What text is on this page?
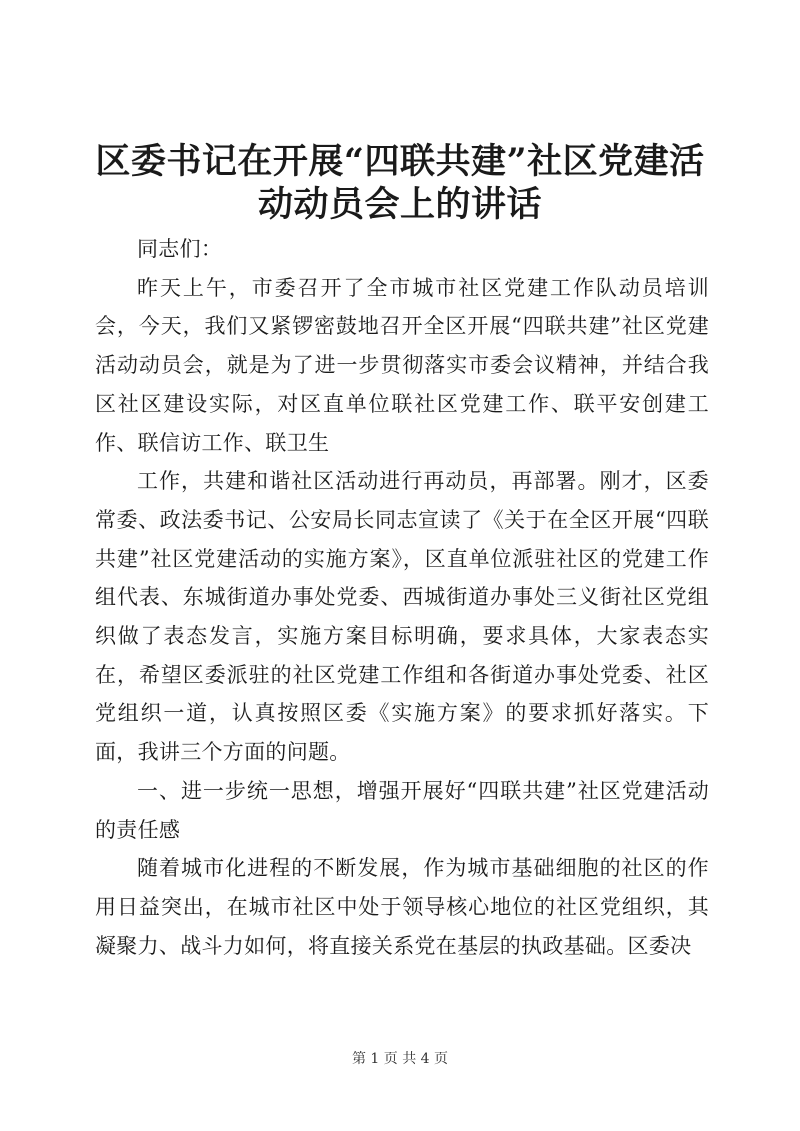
区委书记在开展“四联共建”社区党建活动动员会上的讲话

同志们：

昨天上午，市委召开了全市城市社区党建工作队动员培训会，今天，我们又紧锣密鼓地召开全区开展“四联共建”社区党建活动动员会，就是为了进一步贯彻落实市委会议精神，并结合我区社区建设实际，对区直单位联社区党建工作、联平安创建工作、联信访工作、联卫生

工作，共建和谐社区活动进行再动员，再部署。刚才，区委常委、政法委书记、公安局长同志宣读了《关于在全区开展“四联共建”社区党建活动的实施方案》，区直单位派驻社区的党建工作组代表、东城街道办事处党委、西城街道办事处三义街社区党组织做了表态发言，实施方案目标明确，要求具体，大家表态实在，希望区委派驻的社区党建工作组和各街道办事处党委、社区党组织一道，认真按照区委《实施方案》的要求抓好落实。下面，我讲三个方面的问题。

一、进一步统一思想，增强开展好“四联共建”社区党建活动的责任感

随着城市化进程的不断发展，作为城市基础细胞的社区的作用日益突出，在城市社区中处于领导核心地位的社区党组织，其凝聚力、战斗力如何，将直接关系党在基层的执政基础。区委决

第 1 页 共 4 页
